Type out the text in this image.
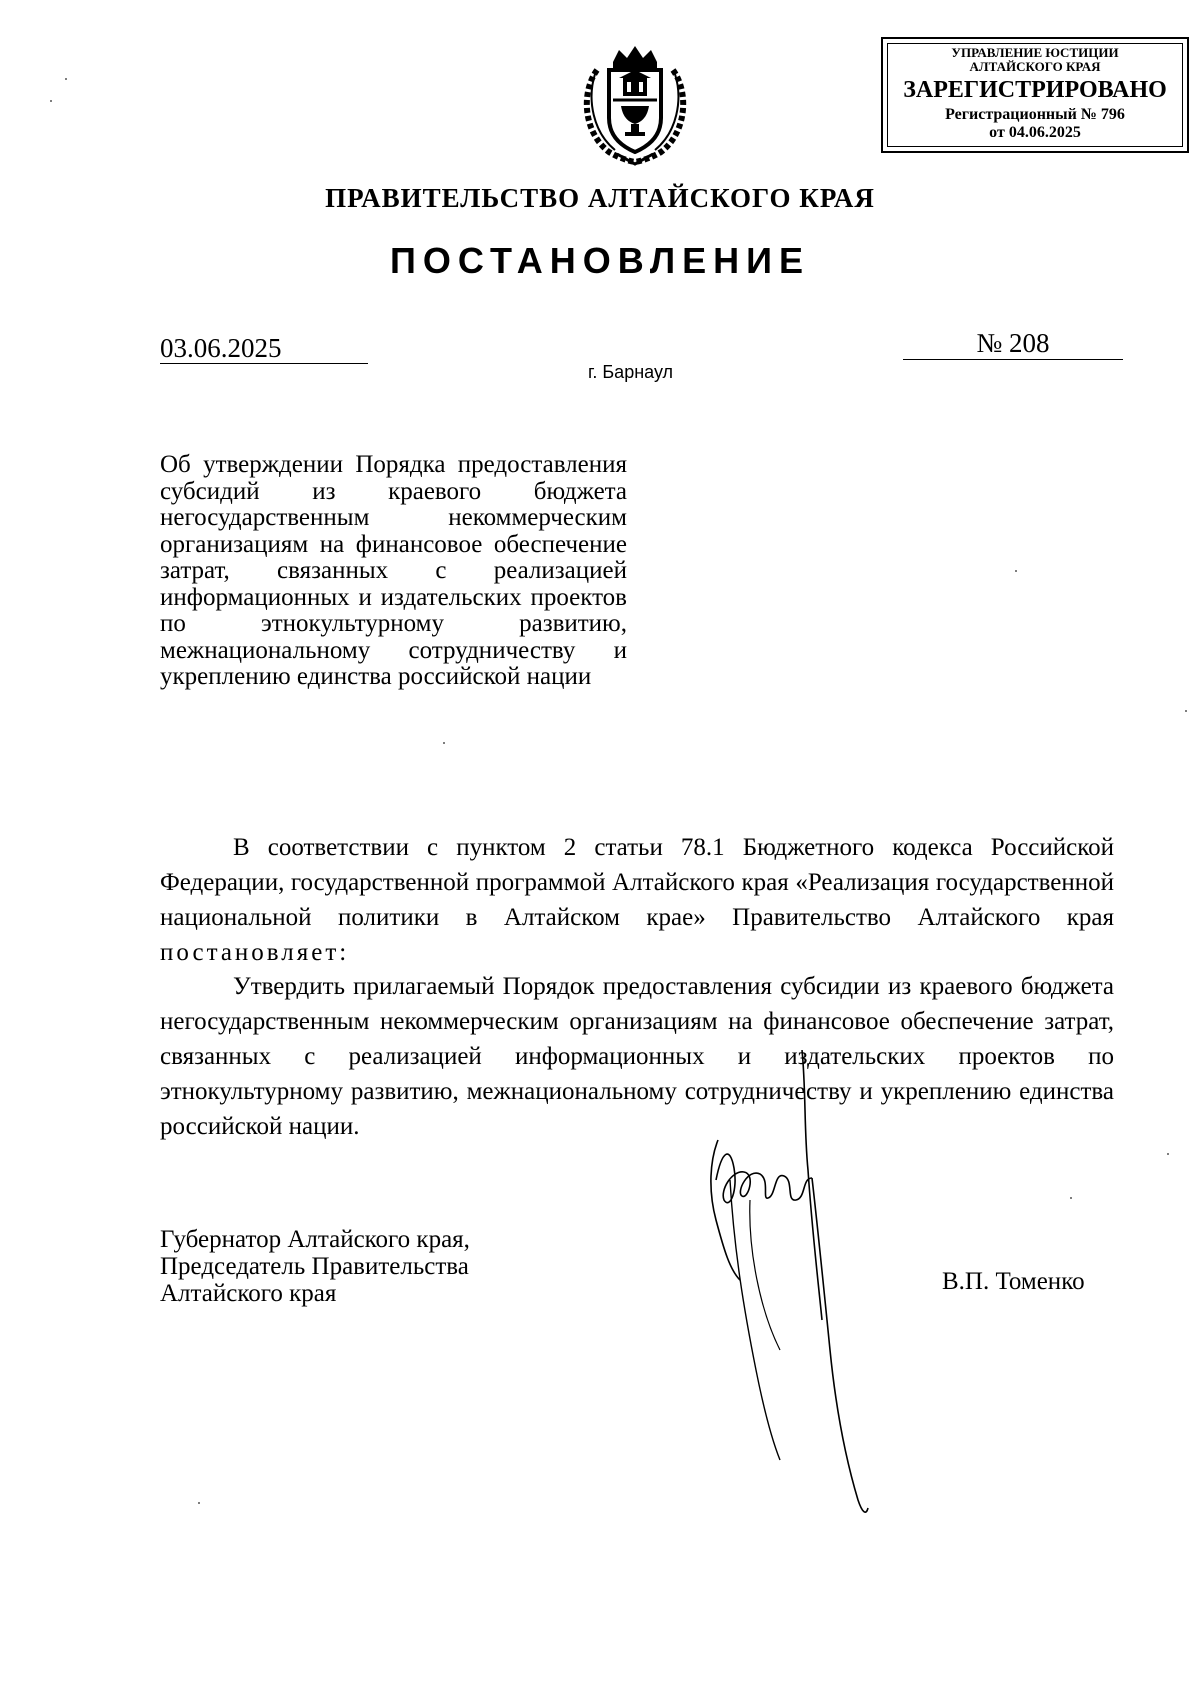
УПРАВЛЕНИЕ ЮСТИЦИИ
АЛТАЙСКОГО КРАЯ
ЗАРЕГИСТРИРОВАНО
Регистрационный № 796
от 04.06.2025
ПРАВИТЕЛЬСТВО АЛТАЙСКОГО КРАЯ
ПОСТАНОВЛЕНИЕ
03.06.2025	№ 208
г. Барнаул
Об утверждении Порядка предоставления субсидий из краевого бюджета негосударственным некоммерческим организациям на финансовое обеспечение затрат, связанных с реализацией информационных и издательских проектов по этнокультурному развитию, межнациональному сотрудничеству и укреплению единства российской нации
В соответствии с пунктом 2 статьи 78.1 Бюджетного кодекса Российской Федерации, государственной программой Алтайского края «Реализация государственной национальной политики в Алтайском крае» Правительство Алтайского края постановляет:
Утвердить прилагаемый Порядок предоставления субсидии из краевого бюджета негосударственным некоммерческим организациям на финансовое обеспечение затрат, связанных с реализацией информационных и издательских проектов по этнокультурному развитию, межнациональному сотрудничеству и укреплению единства российской нации.
Губернатор Алтайского края,
Председатель Правительства
Алтайского края	В.П. Томенко
